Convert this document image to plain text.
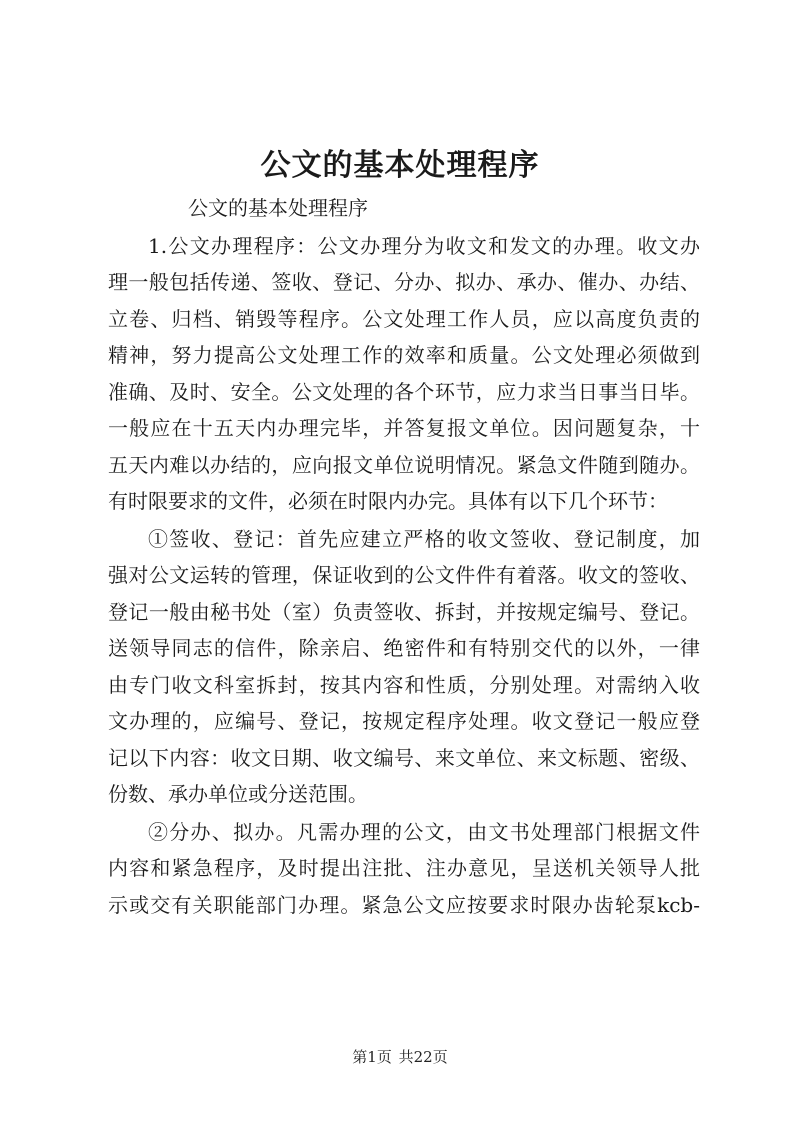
公文的基本处理程序

公文的基本处理程序

1.公文办理程序：公文办理分为收文和发文的办理。收文办
理一般包括传递、签收、登记、分办、拟办、承办、催办、办结、
立卷、归档、销毁等程序。公文处理工作人员，应以高度负责的
精神，努力提高公文处理工作的效率和质量。公文处理必须做到
准确、及时、安全。公文处理的各个环节，应力求当日事当日毕。
一般应在十五天内办理完毕，并答复报文单位。因问题复杂，十
五天内难以办结的，应向报文单位说明情况。紧急文件随到随办。
有时限要求的文件，必须在时限内办完。具体有以下几个环节：
①签收、登记：首先应建立严格的收文签收、登记制度，加
强对公文运转的管理，保证收到的公文件件有着落。收文的签收、
登记一般由秘书处（室）负责签收、拆封，并按规定编号、登记。
送领导同志的信件，除亲启、绝密件和有特别交代的以外，一律
由专门收文科室拆封，按其内容和性质，分别处理。对需纳入收
文办理的，应编号、登记，按规定程序处理。收文登记一般应登
记以下内容：收文日期、收文编号、来文单位、来文标题、密级、
份数、承办单位或分送范围。
②分办、拟办。凡需办理的公文，由文书处理部门根据文件
内容和紧急程序，及时提出注批、注办意见，呈送机关领导人批
示或交有关职能部门办理。紧急公文应按要求时限办齿轮泵kcb-
第1页 共22页
